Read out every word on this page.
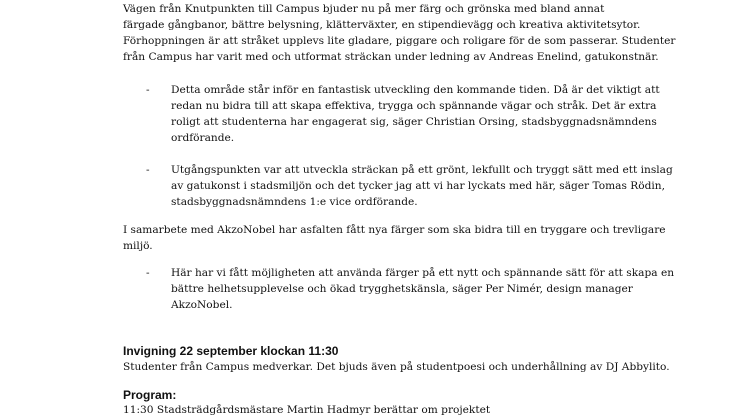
Vägen från Knutpunkten till Campus bjuder nu på mer färg och grönska med bland annat
färgade gångbanor, bättre belysning, klätterväxter, en stipendievägg och kreativa aktivitetsytor.
Förhoppningen är att stråket upplevs lite gladare, piggare och roligare för de som passerar. Studenter
från Campus har varit med och utformat sträckan under ledning av Andreas Enelind, gatukonstnär.
-	Detta område står inför en fantastisk utveckling den kommande tiden. Då är det viktigt att
redan nu bidra till att skapa effektiva, trygga och spännande vägar och stråk. Det är extra
roligt att studenterna har engagerat sig, säger Christian Orsing, stadsbyggnadsnämndens
ordförande.
-	Utgångspunkten var att utveckla sträckan på ett grönt, lekfullt och tryggt sätt med ett inslag
av gatukonst i stadsmiljön och det tycker jag att vi har lyckats med här, säger Tomas Rödin,
stadsbyggnadsnämndens 1:e vice ordförande.
I samarbete med AkzoNobel har asfalten fått nya färger som ska bidra till en tryggare och trevligare
miljö.
-	Här har vi fått möjligheten att använda färger på ett nytt och spännande sätt för att skapa en
bättre helhetsupplevelse och ökad trygghetskänsla, säger Per Nimér, design manager
AkzoNobel.
Invigning 22 september klockan 11:30
Studenter från Campus medverkar. Det bjuds även på studentpoesi och underhållning av DJ Abbylito.
Program:
11:30 Stadsträdgårdsmästare Martin Hadmyr berättar om projektet
